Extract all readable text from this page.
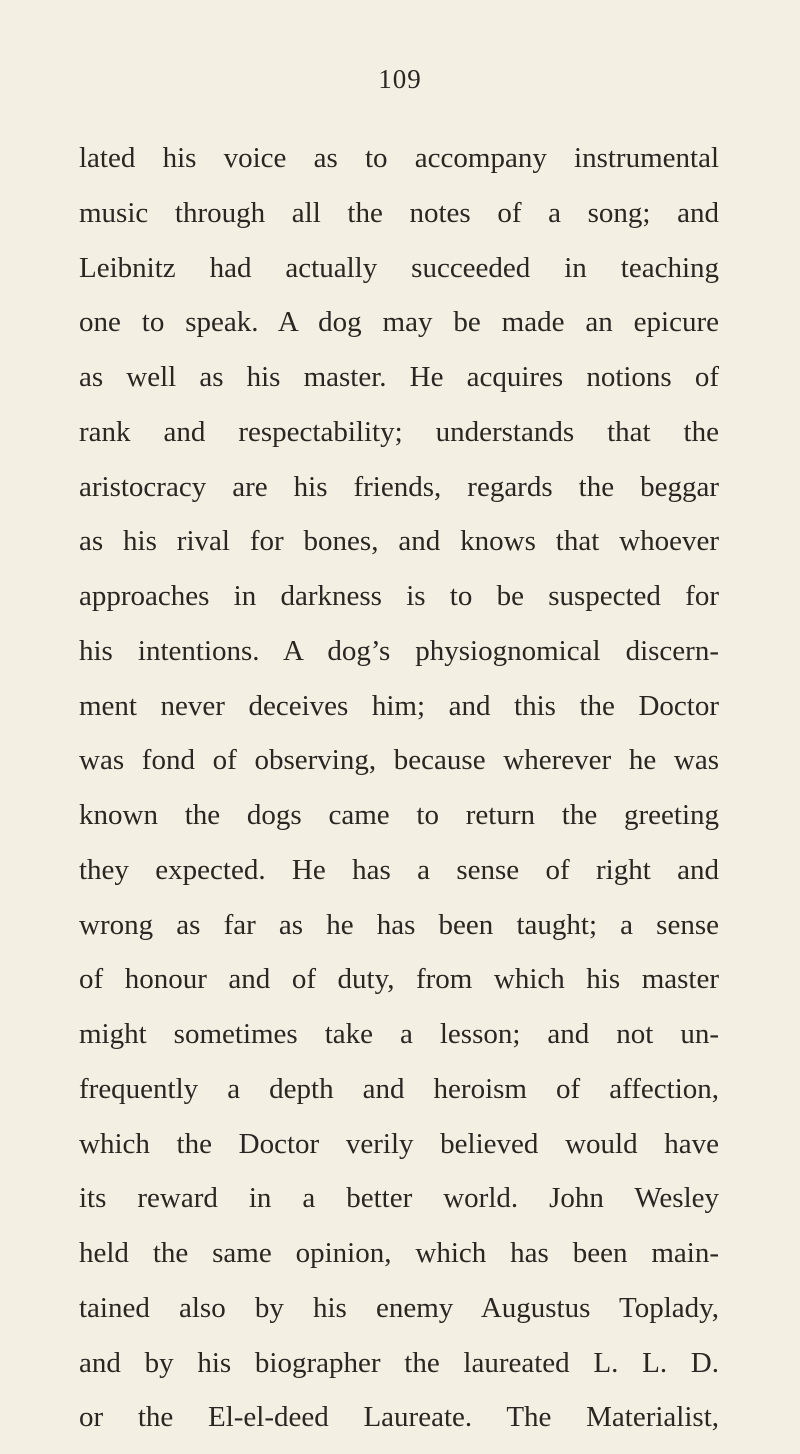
109
lated his voice as to accompany instrumental
music through all the notes of a song; and
Leibnitz had actually succeeded in teaching
one to speak. A dog may be made an epicure
as well as his master. He acquires notions of
rank and respectability; understands that the
aristocracy are his friends, regards the beggar
as his rival for bones, and knows that whoever
approaches in darkness is to be suspected for
his intentions. A dog’s physiognomical discern-
ment never deceives him; and this the Doctor
was fond of observing, because wherever he was
known the dogs came to return the greeting
they expected. He has a sense of right and
wrong as far as he has been taught; a sense
of honour and of duty, from which his master
might sometimes take a lesson; and not un-
frequently a depth and heroism of affection,
which the Doctor verily believed would have
its reward in a better world. John Wesley
held the same opinion, which has been main-
tained also by his enemy Augustus Toplady,
and by his biographer the laureated L. L. D.
or the El-el-deed Laureate. The Materialist,
